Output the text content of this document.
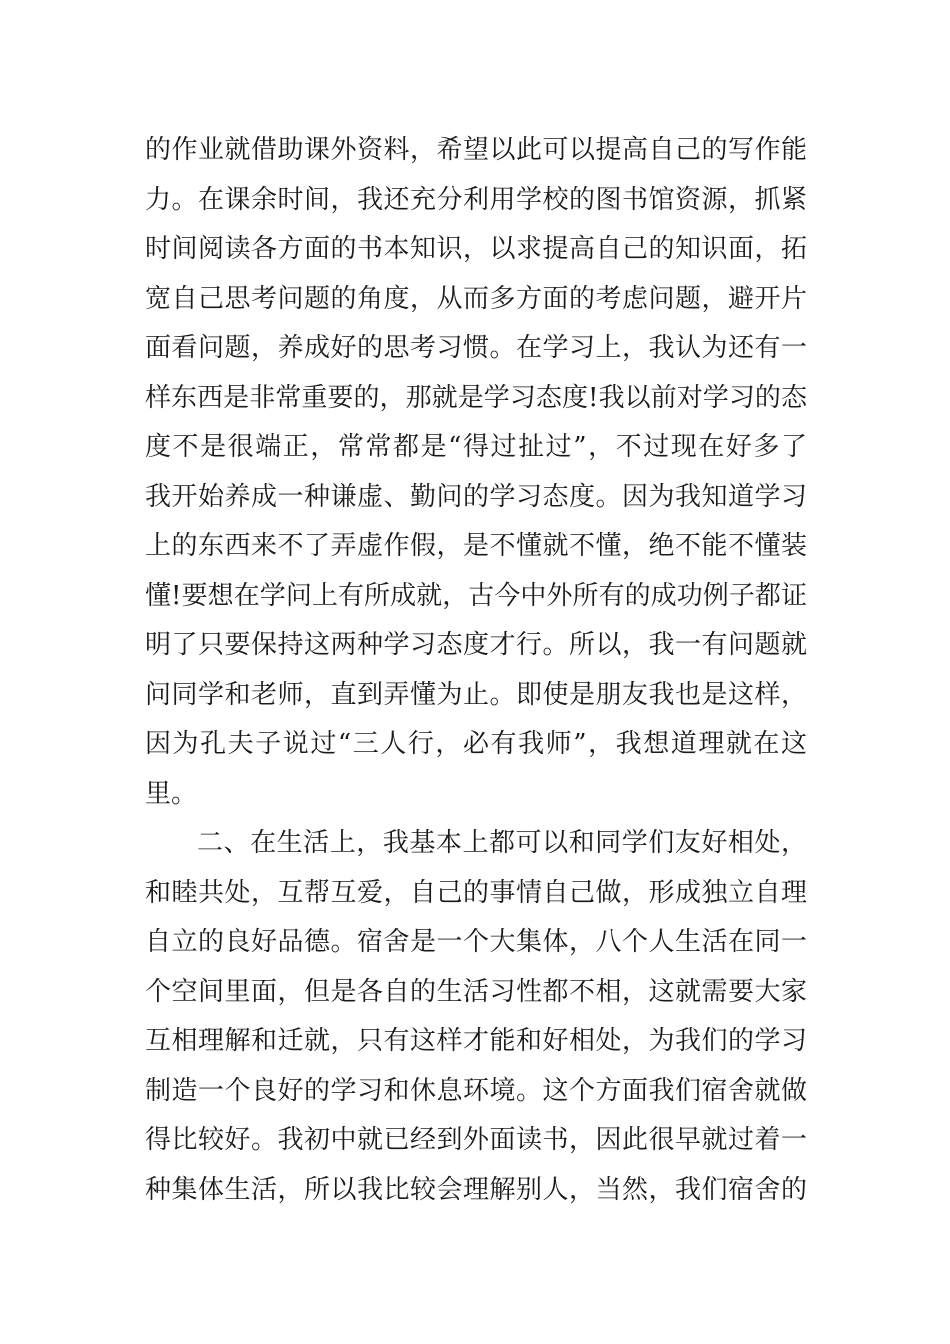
的作业就借助课外资料，希望以此可以提高自己的写作能
力。在课余时间，我还充分利用学校的图书馆资源，抓紧
时间阅读各方面的书本知识，以求提高自己的知识面，拓
宽自己思考问题的角度，从而多方面的考虑问题，避开片
面看问题，养成好的思考习惯。在学习上，我认为还有一
样东西是非常重要的，那就是学习态度!我以前对学习的态
度不是很端正，常常都是“得过扯过”，不过现在好多了
我开始养成一种谦虚、勤问的学习态度。因为我知道学习
上的东西来不了弄虚作假，是不懂就不懂，绝不能不懂装
懂!要想在学问上有所成就，古今中外所有的成功例子都证
明了只要保持这两种学习态度才行。所以，我一有问题就
问同学和老师，直到弄懂为止。即使是朋友我也是这样，
因为孔夫子说过“三人行，必有我师”，我想道理就在这
里。
二、在生活上，我基本上都可以和同学们友好相处，
和睦共处，互帮互爱，自己的事情自己做，形成独立自理
自立的良好品德。宿舍是一个大集体，八个人生活在同一
个空间里面，但是各自的生活习性都不相，这就需要大家
互相理解和迁就，只有这样才能和好相处，为我们的学习
制造一个良好的学习和休息环境。这个方面我们宿舍就做
得比较好。我初中就已经到外面读书，因此很早就过着一
种集体生活，所以我比较会理解别人，当然，我们宿舍的
